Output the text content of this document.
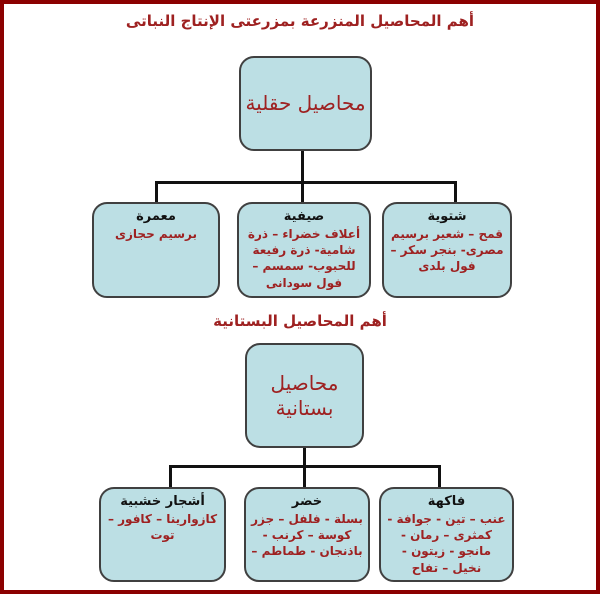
أهم المحاصيل المنزرعة بمزرعتى الإنتاج النباتى
محاصيل حقلية
معمرة
برسيم حجازى
صيفية
أعلاف خضراء – ذرة شامية- ذرة رفيعة للحبوب- سمسم – فول سودانى
شتوية
قمح – شعير برسيم مصرى- بنجر سكر – فول بلدى
أهم المحاصيل البستانية
محاصيل بستانية
أشجار خشبية
كازوارينا – كافور – توت
خضر
بسلة - فلفل – جزر كوسة – كرنب - باذنجان - طماطم –
فاكهة
عنب – تين - جوافة - كمثرى – رمان - مانجو - زيتون - نخيل – تفاح
